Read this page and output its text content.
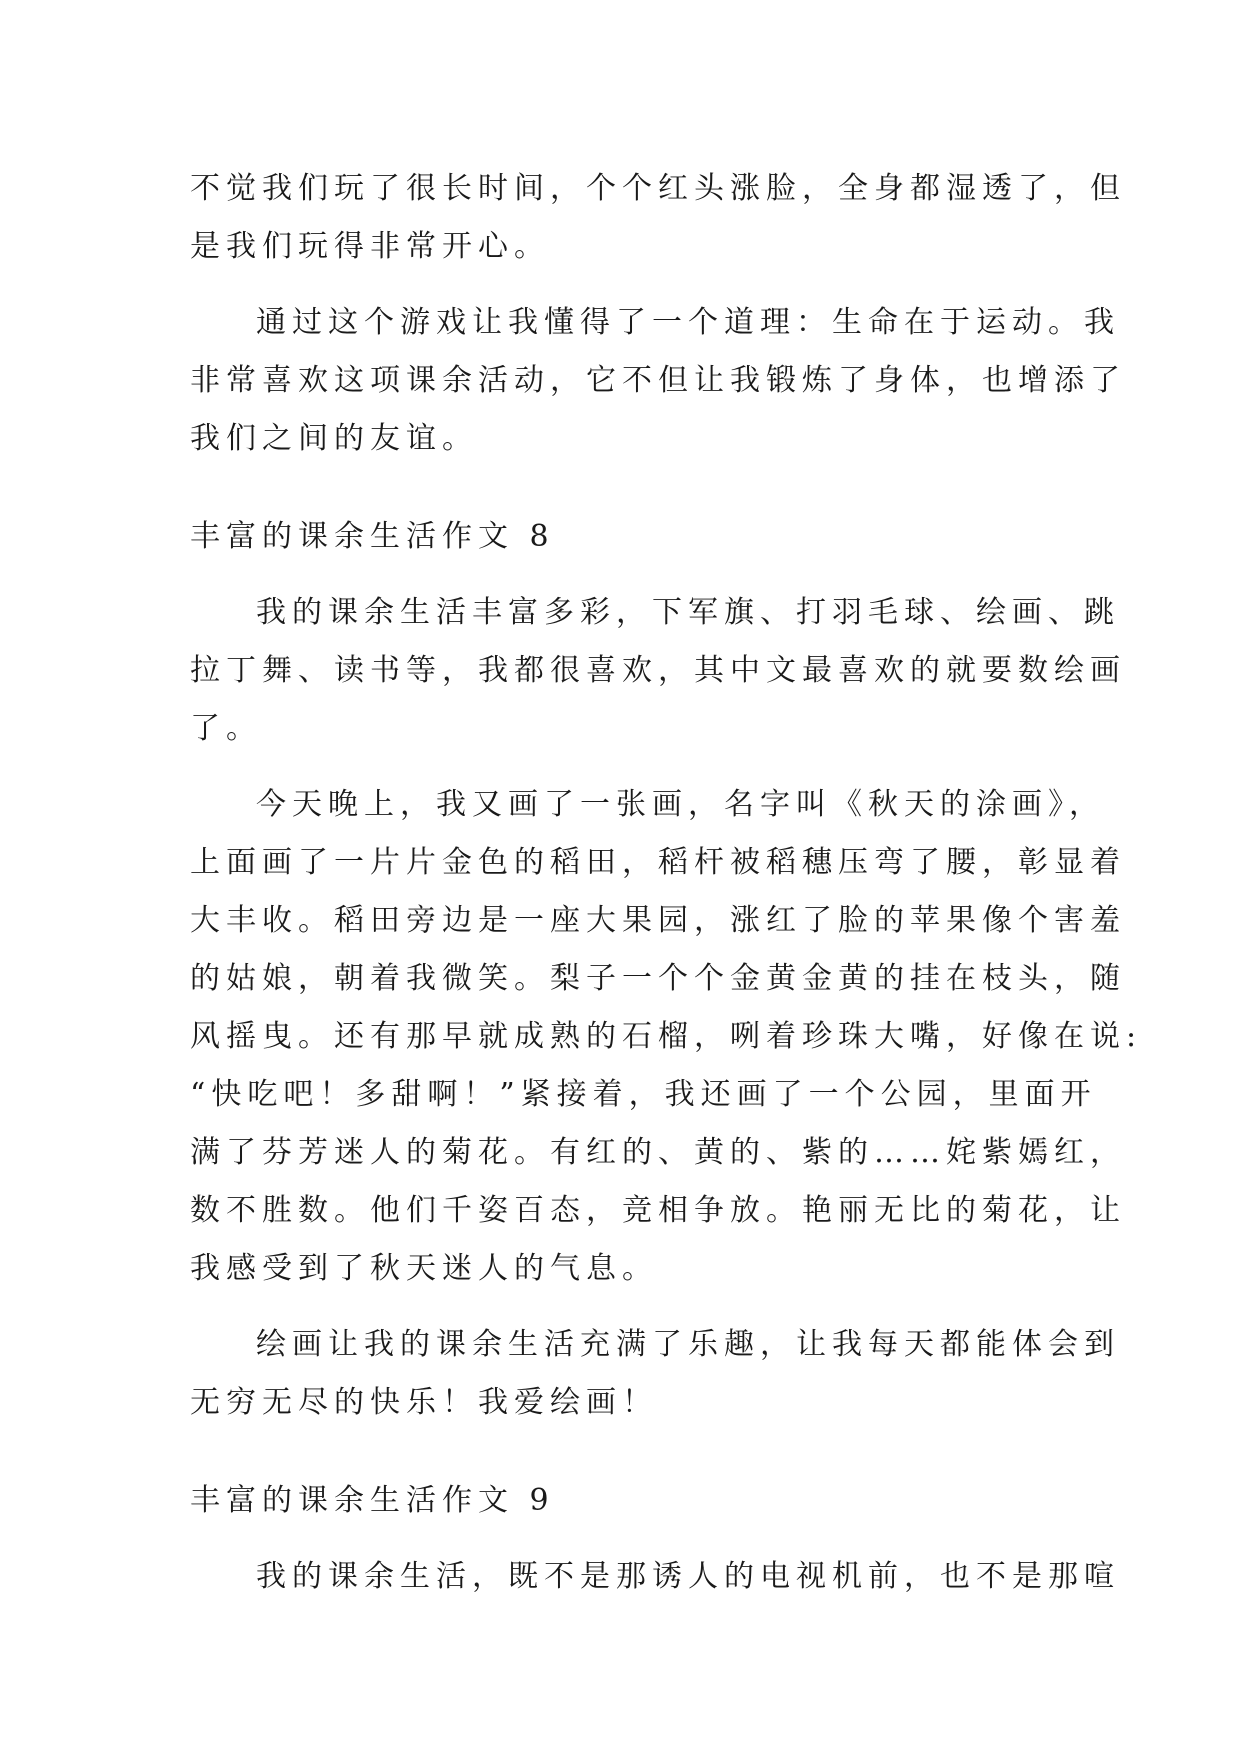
不觉我们玩了很长时间，个个红头涨脸，全身都湿透了，但
是我们玩得非常开心。
通过这个游戏让我懂得了一个道理：生命在于运动。我
非常喜欢这项课余活动，它不但让我锻炼了身体，也增添了
我们之间的友谊。
丰富的课余生活作文 8
我的课余生活丰富多彩，下军旗、打羽毛球、绘画、跳
拉丁舞、读书等，我都很喜欢，其中文最喜欢的就要数绘画
了。
今天晚上，我又画了一张画，名字叫《秋天的涂画》，
上面画了一片片金色的稻田，稻杆被稻穗压弯了腰，彰显着
大丰收。稻田旁边是一座大果园，涨红了脸的苹果像个害羞
的姑娘，朝着我微笑。梨子一个个金黄金黄的挂在枝头，随
风摇曳。还有那早就成熟的石榴，咧着珍珠大嘴，好像在说:
“快吃吧！多甜啊！”紧接着，我还画了一个公园，里面开
满了芬芳迷人的菊花。有红的、黄的、紫的……姹紫嫣红，
数不胜数。他们千姿百态，竞相争放。艳丽无比的菊花，让
我感受到了秋天迷人的气息。
绘画让我的课余生活充满了乐趣，让我每天都能体会到
无穷无尽的快乐！我爱绘画！
丰富的课余生活作文 9
我的课余生活，既不是那诱人的电视机前，也不是那喧
